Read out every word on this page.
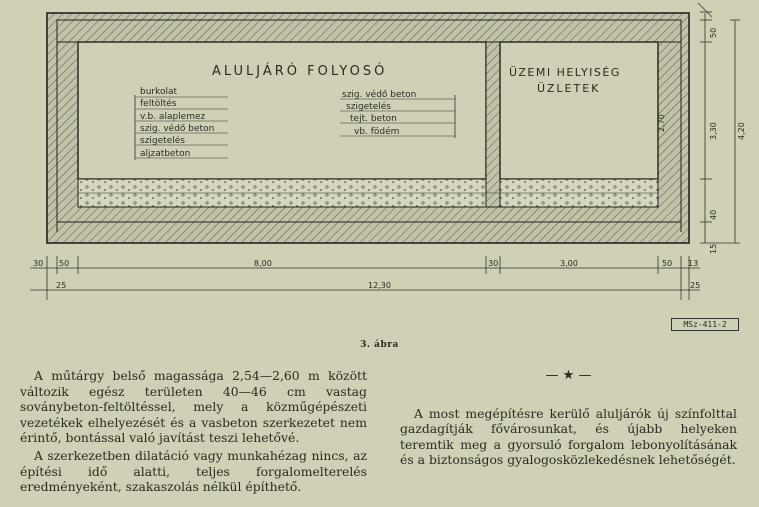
ALULJÁRÓ FOLYOSÓ	ÜZEMI HELYISÉG
ÜZLETEK
burkolat
feltöltés
v.b. alaplemez
szig. védő beton
szigetelés
aljzatbeton
szig. védő beton
szigetelés
tejt. beton
vb. födém
50
2,70
40
15
3,30 4,20
30 50	8,00	30	3,00	50 13
25	12,30	25
MSz-411-2
3. ábra

A műtárgy belső magassága 2,54—2,60 m között változik egész területen 40—46 cm vastag soványbeton-feltöltéssel, mely a közműgépészeti vezetékek elhelyezését és a vasbeton szerkezetet nem érintő, bontással való javítást teszi lehetővé.

A szerkezetben dilatáció vagy munkahézag nincs, az építési idő alatti, teljes forgalomelterelés eredményeként, szakaszolás nélkül építhető.

— ★ —

A most megépítésre kerülő aluljárók új színfolttal gazdagítják fővárosunkat, és újabb helyeken teremtik meg a gyorsuló forgalom lebonyolításának és a biztonságos gyalogosközlekedésnek lehetőségét.
